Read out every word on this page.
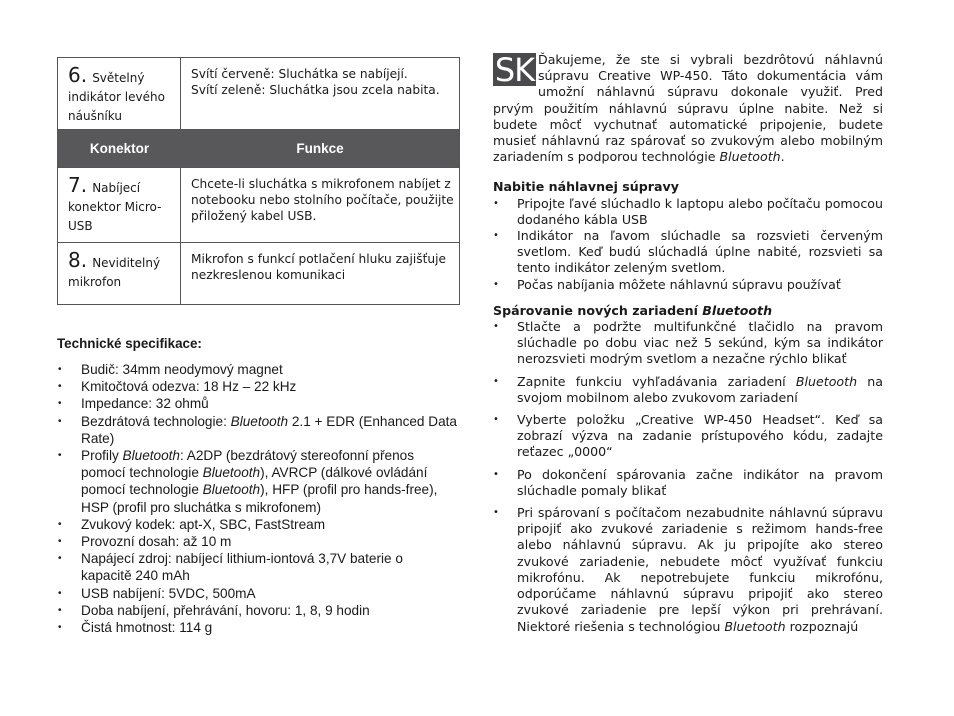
6. Světelný indikátor levého náušníku
Svítí červeně: Sluchátka se nabíjejí.
Svítí zeleně: Sluchátka jsou zcela nabita.
Konektor	Funkce
7. Nabíjecí konektor Micro-USB
Chcete-li sluchátka s mikrofonem nabíjet z notebooku nebo stolního počítače, použijte přiložený kabel USB.
8. Neviditelný mikrofon
Mikrofon s funkcí potlačení hluku zajišťuje nezkreslenou komunikaci
Technické specifikace:
• Budič: 34mm neodymový magnet
• Kmitočtová odezva: 18 Hz – 22 kHz
• Impedance: 32 ohmů
• Bezdrátová technologie: Bluetooth 2.1 + EDR (Enhanced Data Rate)
• Profily Bluetooth: A2DP (bezdrátový stereofonní přenos pomocí technologie Bluetooth), AVRCP (dálkové ovládání pomocí technologie Bluetooth), HFP (profil pro hands-free), HSP (profil pro sluchátka s mikrofonem)
• Zvukový kodek: apt-X, SBC, FastStream
• Provozní dosah: až 10 m
• Napájecí zdroj: nabíjecí lithium-iontová 3,7V baterie o kapacitě 240 mAh
• USB nabíjení: 5VDC, 500mA
• Doba nabíjení, přehrávání, hovoru: 1, 8, 9 hodin
• Čistá hmotnost: 114 g
SK Ďakujeme, že ste si vybrali bezdrôtovú náhlavnú súpravu Creative WP-450. Táto dokumentácia vám umožní náhlavnú súpravu dokonale využiť. Pred prvým použitím náhlavnú súpravu úplne nabite. Než si budete môcť vychutnať automatické pripojenie, budete musieť náhlavnú raz spárovať so zvukovým alebo mobilným zariadením s podporou technológie Bluetooth.
Nabitie náhlavnej súpravy
• Pripojte ľavé slúchadlo k laptopu alebo počítaču pomocou dodaného kábla USB
• Indikátor na ľavom slúchadle sa rozsvieti červeným svetlom. Keď budú slúchadlá úplne nabité, rozsvieti sa tento indikátor zeleným svetlom.
• Počas nabíjania môžete náhlavnú súpravu používať
Spárovanie nových zariadení Bluetooth
• Stlačte a podržte multifunkčné tlačidlo na pravom slúchadle po dobu viac než 5 sekúnd, kým sa indikátor nerozsvieti modrým svetlom a nezačne rýchlo blikať
• Zapnite funkciu vyhľadávania zariadení Bluetooth na svojom mobilnom alebo zvukovom zariadení
• Vyberte položku „Creative WP-450 Headset“. Keď sa zobrazí výzva na zadanie prístupového kódu, zadajte reťazec „0000“
• Po dokončení spárovania začne indikátor na pravom slúchadle pomaly blikať
• Pri spárovaní s počítačom nezabudnite náhlavnú súpravu pripojiť ako zvukové zariadenie s režimom hands-free alebo náhlavnú súpravu. Ak ju pripojíte ako stereo zvukové zariadenie, nebudete môcť využívať funkciu mikrofónu. Ak nepotrebujete funkciu mikrofónu, odporúčame náhlavnú súpravu pripojiť ako stereo zvukové zariadenie pre lepší výkon pri prehrávaní. Niektoré riešenia s technológiou Bluetooth rozpoznajú
